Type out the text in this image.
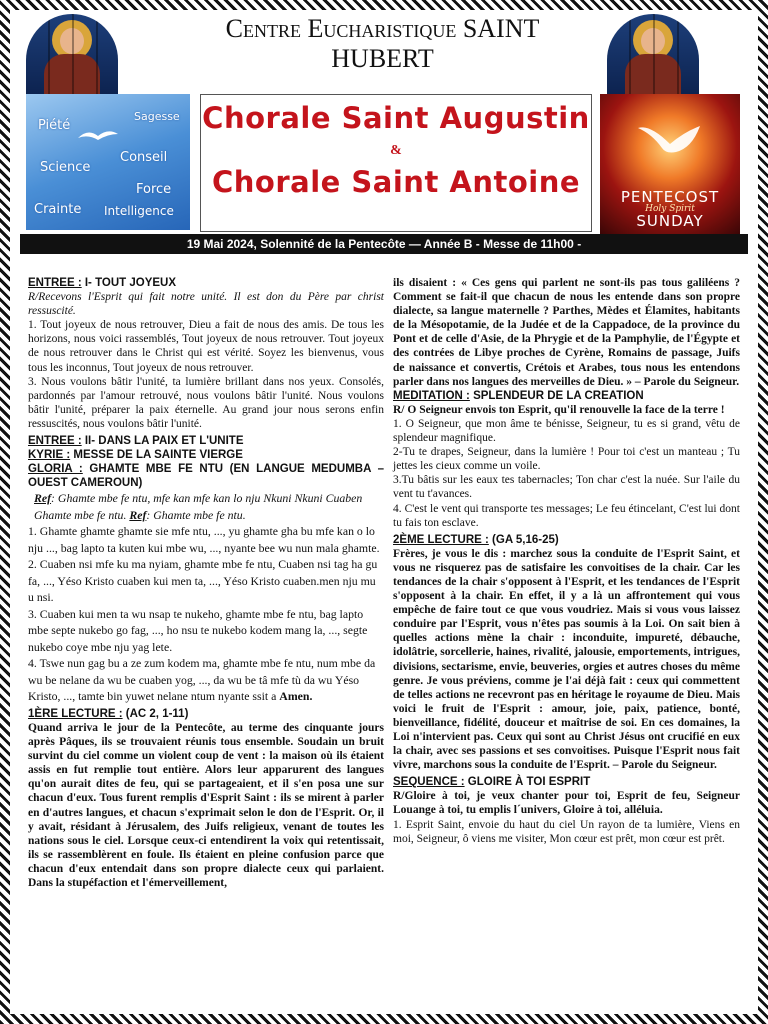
Centre Eucharistique SAINT
HUBERT
Piété
Sagesse
Science
Conseil
Force
Crainte Intelligence
Chorale Saint Augustin
&
Chorale Saint Antoine	PENTECOST
Holy Spirit
SUNDAY
19 Mai 2024, Solennité de la Pentecôte — Année B - Messe de 11h00 -

ENTREE : I- TOUT JOYEUX

R/Recevons l'Esprit qui fait notre unité. Il est don du Père par christ ressuscité.

1. Tout joyeux de nous retrouver, Dieu a fait de nous des amis. De tous les horizons, nous voici rassemblés, Tout joyeux de nous retrouver. Tout joyeux de nous retrouver dans le Christ qui est vérité. Soyez les bienvenus, vous tous les inconnus, Tout joyeux de nous retrouver.

3. Nous voulons bâtir l'unité, ta lumière brillant dans nos yeux. Consolés, pardonnés par l'amour retrouvé, nous voulons bâtir l'unité. Nous voulons bâtir l'unité, préparer la paix éternelle. Au grand jour nous serons enfin ressuscités, nous voulons bâtir l'unité.

ENTREE : II- DANS LA PAIX ET L'UNITE

KYRIE : MESSE DE LA SAINTE VIERGE

GLORIA : GHAMTE MBE FE NTU (EN LANGUE MEDUMBA – OUEST CAMEROUN)

Ref: Ghamte mbe fe ntu, mfe kan mfe kan lo nju Nkuni Nkuni Cuaben Ghamte mbe fe ntu. Ref: Ghamte mbe fe ntu.

1. Ghamte ghamte ghamte sie mfe ntu, ..., yu ghamte gha bu mfe kan o lo nju ..., bag lapto ta kuten kui mbe wu, ..., nyante bee wu nun mala ghamte.

2. Cuaben nsi mfe ku ma nyiam, ghamte mbe fe ntu, Cuaben nsi tag ha gu fa, ..., Yéso Kristo cuaben kui men ta, ..., Yéso Kristo cuaben.men nju mu u nsi.

3. Cuaben kui men ta wu nsap te nukeho, ghamte mbe fe ntu, bag lapto mbe septe nukebo go fag, ..., ho nsu te nukebo kodem mang la, ..., segte nukebo coye mbe nju yag lete.

4. Tswe nun gag bu a ze zum kodem ma, ghamte mbe fe ntu, num mbe da wu be nelane da wu be cuaben yog, ..., da wu be tâ mfe tù da wu Yéso Kristo, ..., tamte bin yuwet nelane ntum nyante ssit a Amen.

1ÈRE LECTURE : (AC 2, 1-11)

Quand arriva le jour de la Pentecôte, au terme des cinquante jours après Pâques, ils se trouvaient réunis tous ensemble. Soudain un bruit survint du ciel comme un violent coup de vent : la maison où ils étaient assis en fut remplie tout entière. Alors leur apparurent des langues qu'on aurait dites de feu, qui se partageaient, et il s'en posa une sur chacun d'eux. Tous furent remplis d'Esprit Saint : ils se mirent à parler en d'autres langues, et chacun s'exprimait selon le don de l'Esprit. Or, il y avait, résidant à Jérusalem, des Juifs religieux, venant de toutes les nations sous le ciel. Lorsque ceux-ci entendirent la voix qui retentissait, ils se rassemblèrent en foule. Ils étaient en pleine confusion parce que chacun d'eux entendait dans son propre dialecte ceux qui parlaient. Dans la stupéfaction et l'émerveillement,

ils disaient : « Ces gens qui parlent ne sont-ils pas tous galiléens ? Comment se fait-il que chacun de nous les entende dans son propre dialecte, sa langue maternelle ? Parthes, Mèdes et Élamites, habitants de la Mésopotamie, de la Judée et de la Cappadoce, de la province du Pont et de celle d'Asie, de la Phrygie et de la Pamphylie, de l'Égypte et des contrées de Libye proches de Cyrène, Romains de passage, Juifs de naissance et convertis, Crétois et Arabes, tous nous les entendons parler dans nos langues des merveilles de Dieu. » – Parole du Seigneur.

MEDITATION : SPLENDEUR DE LA CREATION

R/ O Seigneur envois ton Esprit, qu'il renouvelle la face de la terre !

1. O Seigneur, que mon âme te bénisse, Seigneur, tu es si grand, vêtu de splendeur magnifique.

2-Tu te drapes, Seigneur, dans la lumière ! Pour toi c'est un manteau ; Tu jettes les cieux comme un voile.

3.Tu bâtis sur les eaux tes tabernacles; Ton char c'est la nuée. Sur l'aile du vent tu t'avances.

4. C'est le vent qui transporte tes messages; Le feu étincelant, C'est lui dont tu fais ton esclave.

2ÈME LECTURE : (GA 5,16-25)

Frères, je vous le dis : marchez sous la conduite de l'Esprit Saint, et vous ne risquerez pas de satisfaire les convoitises de la chair. Car les tendances de la chair s'opposent à l'Esprit, et les tendances de l'Esprit s'opposent à la chair. En effet, il y a là un affrontement qui vous empêche de faire tout ce que vous voudriez. Mais si vous vous laissez conduire par l'Esprit, vous n'êtes pas soumis à la Loi. On sait bien à quelles actions mène la chair : inconduite, impureté, débauche, idolâtrie, sorcellerie, haines, rivalité, jalousie, emportements, intrigues, divisions, sectarisme, envie, beuveries, orgies et autres choses du même genre. Je vous préviens, comme je l'ai déjà fait : ceux qui commettent de telles actions ne recevront pas en héritage le royaume de Dieu. Mais voici le fruit de l'Esprit : amour, joie, paix, patience, bonté, bienveillance, fidélité, douceur et maîtrise de soi. En ces domaines, la Loi n'intervient pas. Ceux qui sont au Christ Jésus ont crucifié en eux la chair, avec ses passions et ses convoitises. Puisque l'Esprit nous fait vivre, marchons sous la conduite de l'Esprit. – Parole du Seigneur.

SEQUENCE : GLOIRE À TOI ESPRIT

R/Gloire à toi, je veux chanter pour toi, Esprit de feu, Seigneur Louange à toi, tu emplis l´univers, Gloire à toi, alléluia.

1. Esprit Saint, envoie du haut du ciel Un rayon de ta lumière, Viens en moi, Seigneur, ô viens me visiter, Mon cœur est prêt, mon cœur est prêt.
